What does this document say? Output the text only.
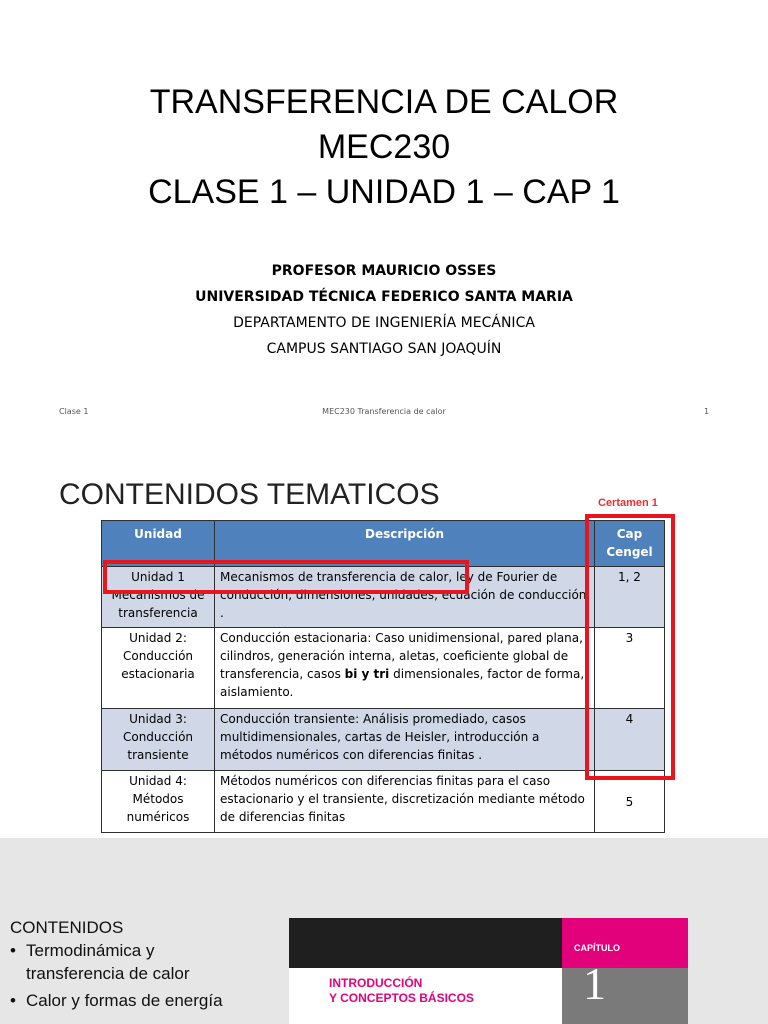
TRANSFERENCIA DE CALOR
MEC230
CLASE 1 – UNIDAD 1 – CAP 1
PROFESOR MAURICIO OSSES
UNIVERSIDAD TÉCNICA FEDERICO SANTA MARIA
DEPARTAMENTO DE INGENIERÍA MECÁNICA
CAMPUS SANTIAGO SAN JOAQUÍN
Clase 1	MEC230 Transferencia de calor	1
CONTENIDOS TEMATICOS	Certamen 1
Unidad	Descripción	Cap
Cengel
Unidad 1
Mecanismos de
transferencia	Mecanismos de transferencia de calor, ley de Fourier de conducción, dimensiones, unidades, ecuación de conducción .	1, 2
Unidad 2:
Conducción
estacionaria	Conducción estacionaria: Caso unidimensional, pared plana, cilindros, generación interna, aletas, coeficiente global de transferencia, casos bi y tri dimensionales, factor de forma, aislamiento.	3
Unidad 3:
Conducción
transiente	Conducción transiente: Análisis promediado, casos multidimensionales, cartas de Heisler, introducción a métodos numéricos con diferencias finitas .	4
Unidad 4:
Métodos
numéricos	Métodos numéricos con diferencias finitas para el caso estacionario y el transiente, discretización mediante método de diferencias finitas	5
CONTENIDOS
• Termodinámica y transferencia de calor
• Calor y formas de energía
CAPÍTULO
INTRODUCCIÓN
Y CONCEPTOS BÁSICOS 1
